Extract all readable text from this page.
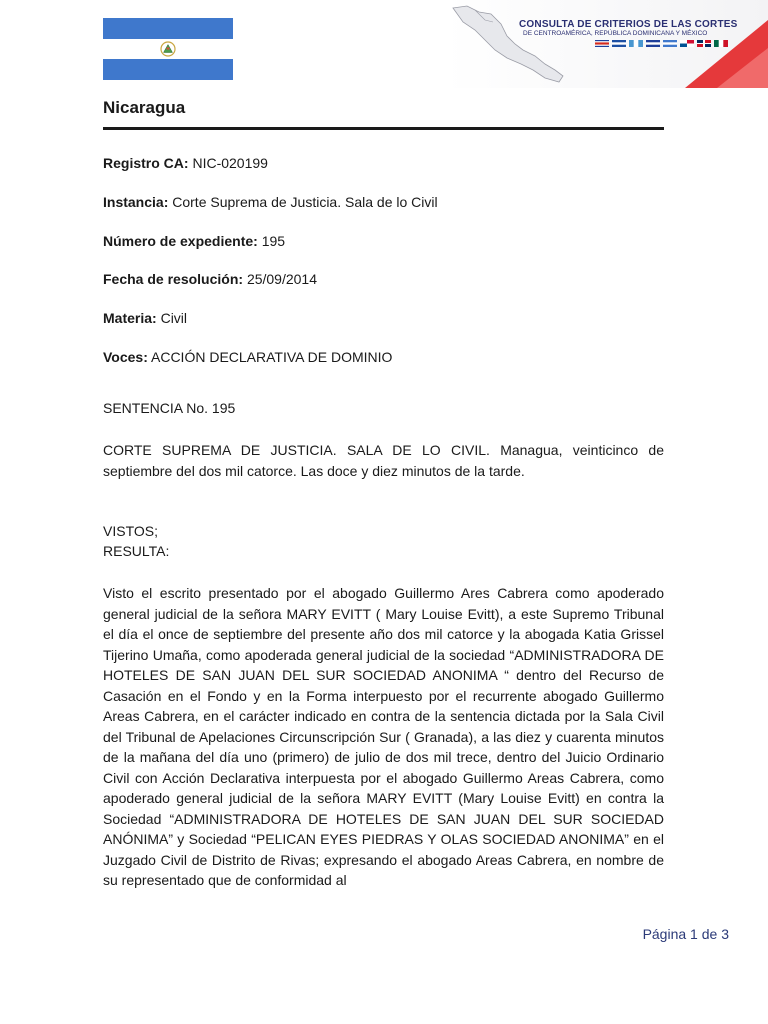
CONSULTA DE CRITERIOS DE LAS CORTES
DE CENTROAMÉRICA, REPÚBLICA DOMINICANA Y MÉXICO
Nicaragua
Registro CA: NIC-020199
Instancia: Corte Suprema de Justicia. Sala de lo Civil
Número de expediente: 195
Fecha de resolución: 25/09/2014
Materia: Civil
Voces: ACCIÓN DECLARATIVA DE DOMINIO
SENTENCIA No. 195

CORTE SUPREMA DE JUSTICIA. SALA DE LO CIVIL. Managua, veinticinco de septiembre del dos mil catorce. Las doce y diez minutos de la tarde.

VISTOS;
RESULTA:

Visto el escrito presentado por el abogado Guillermo Ares Cabrera como apoderado general judicial de la señora MARY EVITT ( Mary Louise Evitt), a este Supremo Tribunal el día el once de septiembre del presente año dos mil catorce y la abogada Katia Grissel Tijerino Umaña, como apoderada general judicial de la sociedad “ADMINISTRADORA DE HOTELES DE SAN JUAN DEL SUR SOCIEDAD ANONIMA “ dentro del Recurso de Casación en el Fondo y en la Forma interpuesto por el recurrente abogado Guillermo Areas Cabrera, en el carácter indicado en contra de la sentencia dictada por la Sala Civil del Tribunal de Apelaciones Circunscripción Sur ( Granada), a las diez y cuarenta minutos de la mañana del día uno (primero) de julio de dos mil trece, dentro del Juicio Ordinario Civil con Acción Declarativa interpuesta por el abogado Guillermo Areas Cabrera, como apoderado general judicial de la señora MARY EVITT (Mary Louise Evitt) en contra la Sociedad “ADMINISTRADORA DE HOTELES DE SAN JUAN DEL SUR SOCIEDAD ANÓNIMA” y Sociedad “PELICAN EYES PIEDRAS Y OLAS SOCIEDAD ANONIMA” en el Juzgado Civil de Distrito de Rivas; expresando el abogado Areas Cabrera, en nombre de su representado que de conformidad al

Página 1 de 3
